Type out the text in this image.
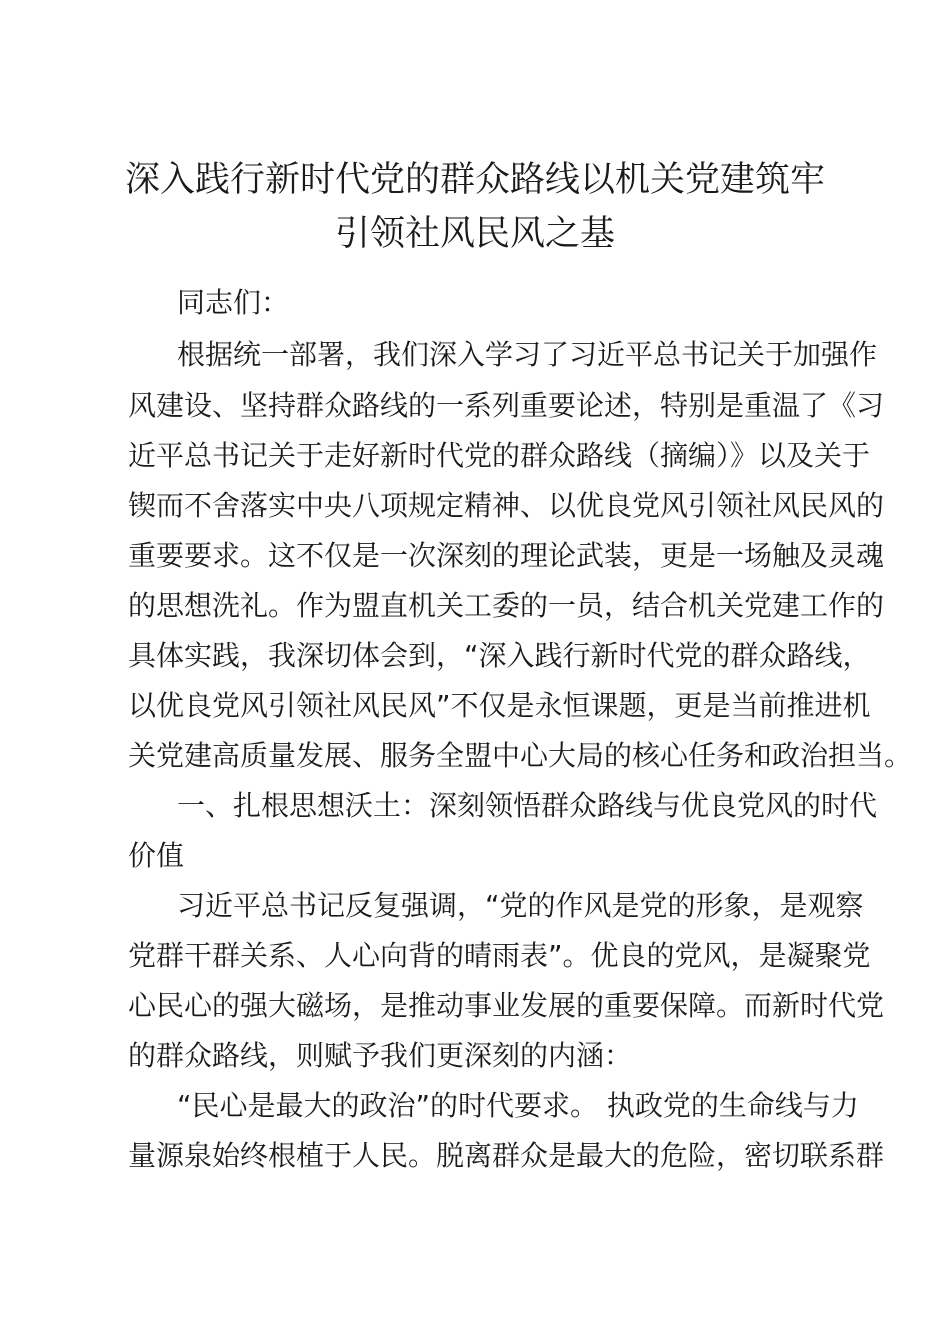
深入践行新时代党的群众路线以机关党建筑牢
引领社风民风之基

同志们：

根据统一部署，我们深入学习了习近平总书记关于加强作

风建设、坚持群众路线的一系列重要论述，特别是重温了《习

近平总书记关于走好新时代党的群众路线（摘编）》以及关于

锲而不舍落实中央八项规定精神、以优良党风引领社风民风的

重要要求。这不仅是一次深刻的理论武装，更是一场触及灵魂

的思想洗礼。作为盟直机关工委的一员，结合机关党建工作的

具体实践，我深切体会到，“深入践行新时代党的群众路线，

以优良党风引领社风民风”不仅是永恒课题，更是当前推进机

关党建高质量发展、服务全盟中心大局的核心任务和政治担当。

一、扎根思想沃土：深刻领悟群众路线与优良党风的时代

价值

习近平总书记反复强调，“党的作风是党的形象，是观察

党群干群关系、人心向背的晴雨表”。优良的党风，是凝聚党

心民心的强大磁场，是推动事业发展的重要保障。而新时代党

的群众路线，则赋予我们更深刻的内涵：

“民心是最大的政治”的时代要求。 执政党的生命线与力

量源泉始终根植于人民。脱离群众是最大的危险，密切联系群
